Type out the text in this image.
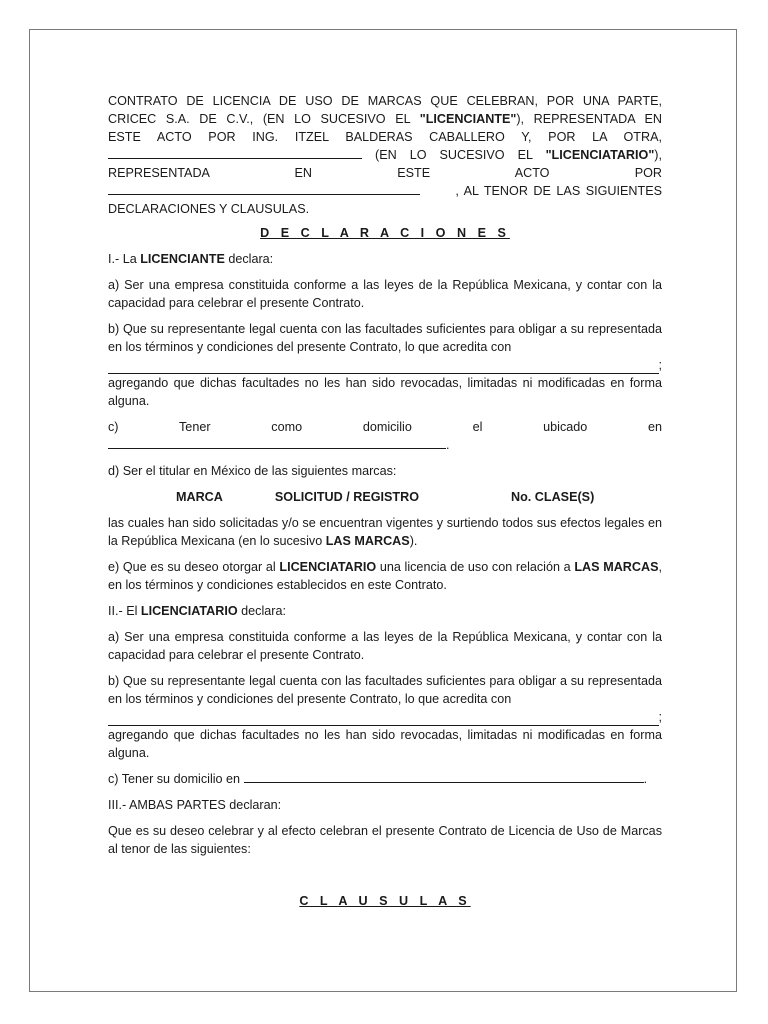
CONTRATO DE LICENCIA DE USO DE MARCAS QUE CELEBRAN, POR UNA PARTE,
CRICEC S.A. DE C.V., (EN LO SUCESIVO EL "LICENCIANTE"), REPRESENTADA EN
ESTE ACTO POR ING. ITZEL BALDERAS CABALLERO Y, POR LA OTRA,
(EN LO SUCESIVO EL "LICENCIATARIO"),
REPRESENTADA	EN	ESTE	ACTO	POR
, AL TENOR DE LAS SIGUIENTES
DECLARACIONES Y CLAUSULAS.
D E C L A R A C I O N E S

I.- La LICENCIANTE declara:

a) Ser una empresa constituida conforme a las leyes de la República Mexicana, y contar con la capacidad para celebrar el presente Contrato.

b) Que su representante legal cuenta con las facultades suficientes para obligar a su representada en los términos y condiciones del presente Contrato, lo que acredita con

;

agregando que dichas facultades no les han sido revocadas, limitadas ni modificadas en forma alguna.

c)	Tener	como	domicilio	el	ubicado	en
.

d) Ser el titular en México de las siguientes marcas:

MARCA	SOLICITUD / REGISTRO	No. CLASE(S)

las cuales han sido solicitadas y/o se encuentran vigentes y surtiendo todos sus efectos legales en la República Mexicana (en lo sucesivo LAS MARCAS).

e) Que es su deseo otorgar al LICENCIATARIO una licencia de uso con relación a LAS MARCAS, en los términos y condiciones establecidos en este Contrato.

II.- El LICENCIATARIO declara:

a) Ser una empresa constituida conforme a las leyes de la República Mexicana, y contar con la capacidad para celebrar el presente Contrato.

b) Que su representante legal cuenta con las facultades suficientes para obligar a su representada en los términos y condiciones del presente Contrato, lo que acredita con

;

agregando que dichas facultades no les han sido revocadas, limitadas ni modificadas en forma alguna.

c) Tener su domicilio en	.

III.- AMBAS PARTES declaran:

Que es su deseo celebrar y al efecto celebran el presente Contrato de Licencia de Uso de Marcas al tenor de las siguientes:

C L A U S U L A S
